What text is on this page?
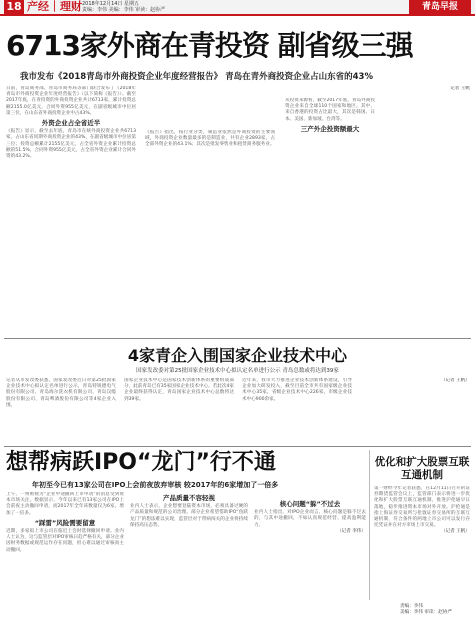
18 产经｜理财 2018年12月14日 星期五
责编：李伟 美编：李伟 审读：赵协严	青岛早报
6713家外商在青投资 副省级三强
我市发布《2018青岛市外商投资企业年度经营报告》 青岛在青外商投资企业占山东省的43%
日前，青岛商务部、青岛市商务局等部门联合发布了《2018年青岛市外商投资企业年度经营报告》（以下简称《报告》）。截至2017年底，在青投资的外商投资企业共计6713家，累计投资总额2155.0亿美元，合同外资955亿美元，在副省级城市中位居第三位，在山东省外商投资企业中占43%。
外资企业占全省近半
《报告》显示，截至去年底，青岛市在统外商投资企业共6713家，占山东省同期外商投资企业的43%，在副省级城市中位居第三位；投资总额累计2155亿美元，占全省外资企业累计投资总额的51.5%，合同外资955亿美元，占全省外资企业累计合同外资的43.2%。
《报告》指出，按行业分类，制造业依然是外商投资的主要领域，外商投资企业数量最多的是制造业，共有企业2893家，占全部外资企业的43.1%；其次是批发零售业和租赁商务服务业。
从投资来源看，截至2017年底，青岛外商投资企业来自全球110个国家和地区。其中，来自香港的投资占比最大，其次是韩国、日本、美国、新加坡、台湾等。
三产外企投资额最大
记者 王帆
4家青企入围国家企业技术中心
国家发改委对第25批国家企业技术中心拟认定名单进行公示 青岛总数或将达到39家
记者从市发改委获悉，国家发改委近日对第25批国家企业技术中心拟认定名单进行公示，青岛特锐德电气股份有限公司、青岛海尔洗衣机有限公司、青岛汉缆股份有限公司、青岛啤酒股份有限公司等4家企业入围。
国家企业技术中心是国家技术创新体系的重要组成部分，此前青岛已有35家国家企业技术中心。若此次4家企业最终获得认定，青岛国家企业技术中心总数将达到39家。
近年来，我市大力推进企业技术创新体系建设，引导企业加大研发投入，截至目前全市共有国家级企业技术中心35家，省级企业技术中心226家，市级企业技术中心900余家。
（记者 王帆）
想帮病跃IPO“龙门”行不通
年初至今已有13家公司在IPO上会前夜放弃审核 较2017年的6家增加了一倍多
上午，一则被视为“企业中途撤回上市申请”的消息受到资本市场关注。数据显示，今年以来已有13家公司在IPO上会前夜主动撤回申请，而2017年全年该数量仅为6家，增加了一倍多。
“踩雷”风险需要留意
近期，多家拟上市公司在临近上会时选择撤回申请。业内人士认为，这与监管层对IPO审核日趋严格有关，部分企业因财务数据或规范运作存在问题，担心难以通过审核而主动撤回。
产品质量不容轻视
业内人士表示，企业想要登陆资本市场，必须具备过硬的产品质量和规范的公司治理。部分企业希望借助IPO“鱼跃龙门”的想法难以实现，监管层对于带病闯关的企业将持续保持高压态势。
核心问题“躲”不过去
业内人士指出，对IPO企业而言，核心问题是躲不过去的，与其中途撤回，不如认真规范经营、提高盈利能力。
（记者 李伟）
优化和扩大股票互联互通机制
第一财经今年记者获悉，在12月11日召开的证券期货监管会议上，监管部门表示将进一步优化和扩大股票互联互通机制，推进沪伦通早日落地，稳步推进资本市场对外开放。沪伦通是指上海证券交易所与伦敦证券交易所的互联互通机制，符合条件的两地上市公司可以发行存托凭证并在对方市场上市交易。
（记者 王帆）
责编：李伟
美编：李伟 审读：赵协严
